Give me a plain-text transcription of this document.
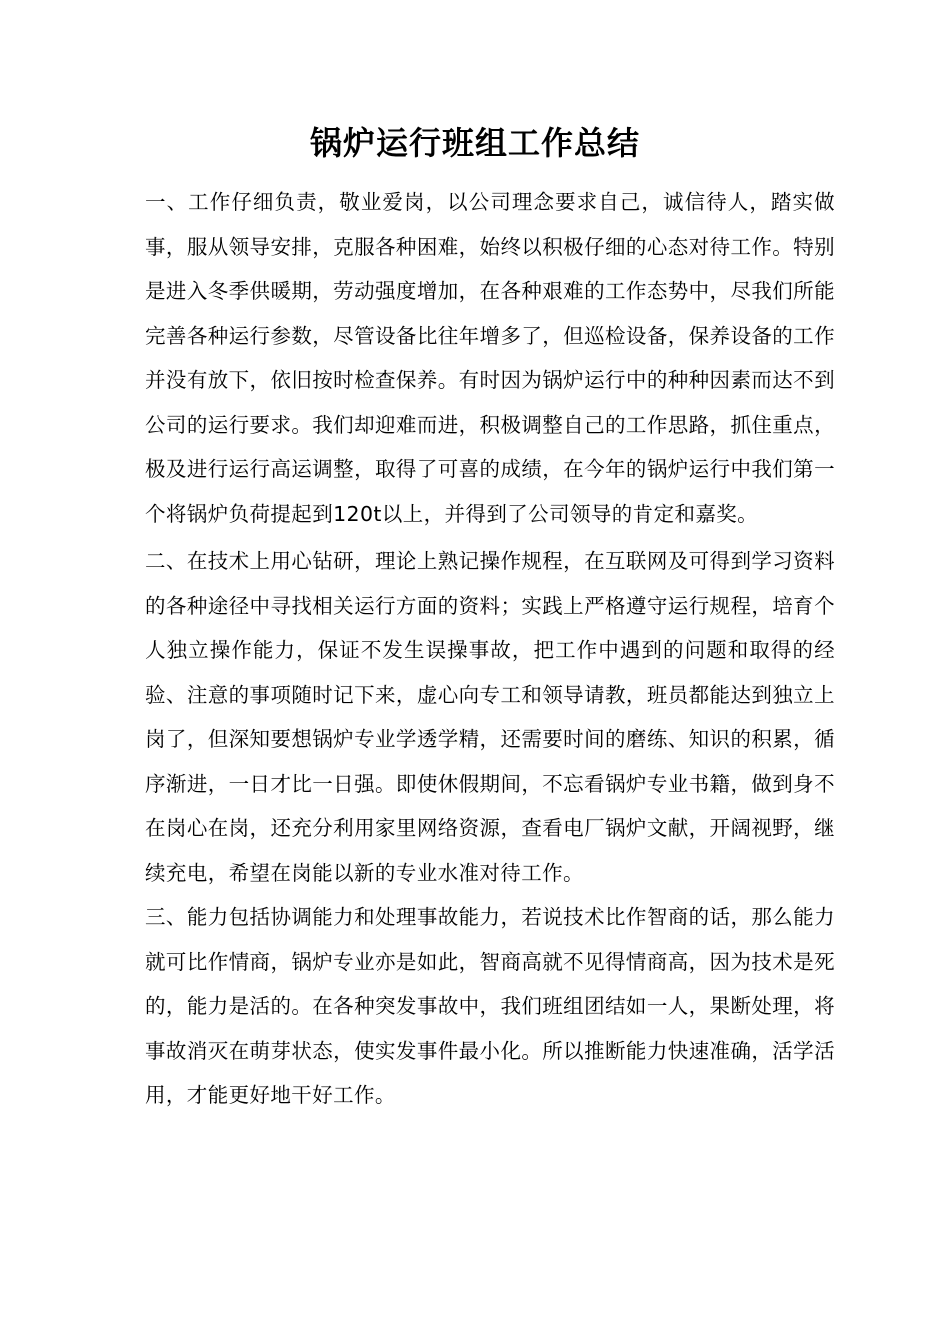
锅炉运行班组工作总结

一、工作仔细负责，敬业爱岗，以公司理念要求自己，诚信待人，踏实做事，服从领导安排，克服各种困难，始终以积极仔细的心态对待工作。特别是进入冬季供暖期，劳动强度增加，在各种艰难的工作态势中，尽我们所能完善各种运行参数，尽管设备比往年增多了，但巡检设备，保养设备的工作并没有放下，依旧按时检查保养。有时因为锅炉运行中的种种因素而达不到公司的运行要求。我们却迎难而进，积极调整自己的工作思路，抓住重点，极及进行运行高运调整，取得了可喜的成绩，在今年的锅炉运行中我们第一个将锅炉负荷提起到120t以上，并得到了公司领导的肯定和嘉奖。

二、在技术上用心钻研，理论上熟记操作规程，在互联网及可得到学习资料的各种途径中寻找相关运行方面的资料；实践上严格遵守运行规程，培育个人独立操作能力，保证不发生误操事故，把工作中遇到的问题和取得的经验、注意的事项随时记下来，虚心向专工和领导请教，班员都能达到独立上岗了，但深知要想锅炉专业学透学精，还需要时间的磨练、知识的积累，循序渐进，一日才比一日强。即使休假期间，不忘看锅炉专业书籍，做到身不在岗心在岗，还充分利用家里网络资源，查看电厂锅炉文献，开阔视野，继续充电，希望在岗能以新的专业水准对待工作。

三、能力包括协调能力和处理事故能力，若说技术比作智商的话，那么能力就可比作情商，锅炉专业亦是如此，智商高就不见得情商高，因为技术是死的，能力是活的。在各种突发事故中，我们班组团结如一人，果断处理，将事故消灭在萌芽状态，使实发事件最小化。所以推断能力快速准确，活学活用，才能更好地干好工作。
